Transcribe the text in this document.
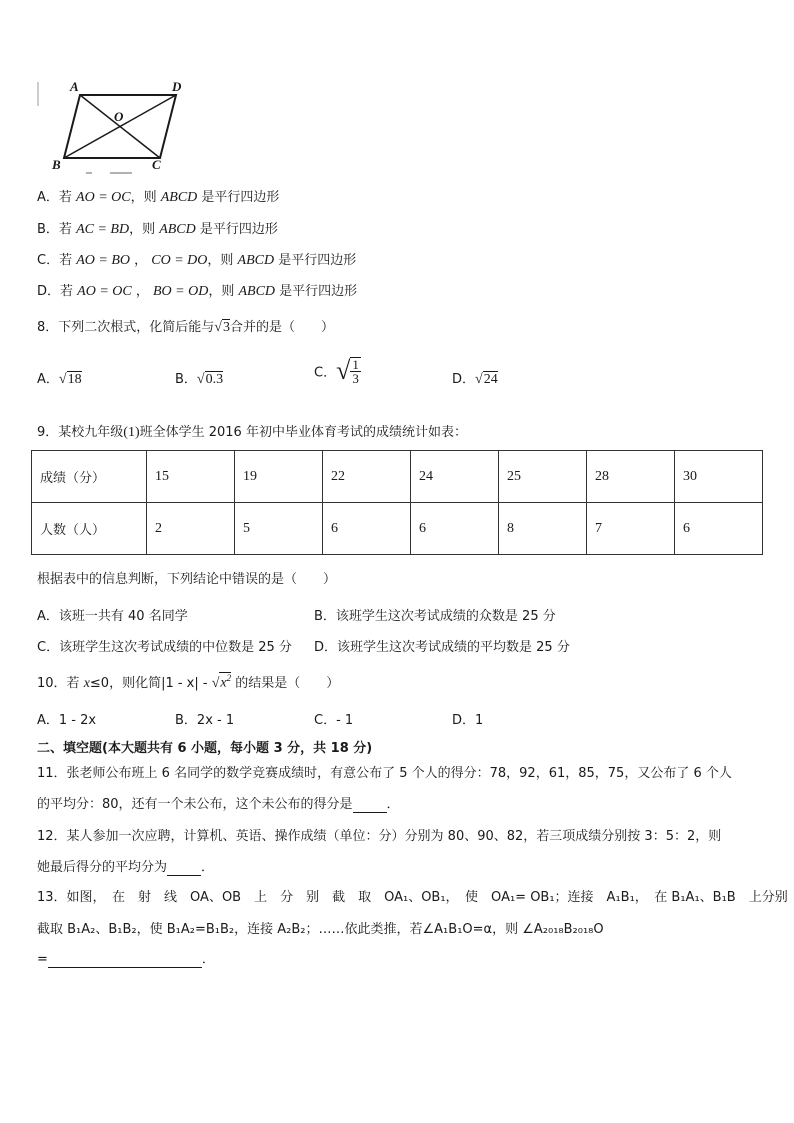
A	D
O
B	C
A．若 AO = OC，则 ABCD 是平行四边形
B．若 AC = BD，则 ABCD 是平行四边形
C．若 AO = BO ， CO = DO，则 ABCD 是平行四边形
D．若 AO = OC ， BO = OD，则 ABCD 是平行四边形
8．下列二次根式，化简后能与√3合并的是（　　）
A．√18	B．√0.3	C．√ $\frac{1}{3}$	D．√24
9．某校九年级(1)班全体学生 2016 年初中毕业体育考试的成绩统计如表：
成绩（分）	15	19	22	24	25	28	30
人数（人）	2	5	6	6	8	7	6
根据表中的信息判断，下列结论中错误的是（　　）
A．该班一共有 40 名同学	B．该班学生这次考试成绩的众数是 25 分
C．该班学生这次考试成绩的中位数是 25 分 D．该班学生这次考试成绩的平均数是 25 分
10．若 x≤0，则化简$|1 - x| - √x^2$ 的结果是（　　）
A．1 - 2x	B．2x - 1	C．- 1	D．1
二、填空题(本大题共有 6 小题，每小题 3 分，共 18 分)
11．张老师公布班上 6 名同学的数学竞赛成绩时，有意公布了 5 个人的得分：78，92，61，85，75，又公布了 6 个人
的平均分：80，还有一个未公布，这个未公布的得分是	．
12．某人参加一次应聘，计算机、英语、操作成绩（单位：分）分别为 80、90、82，若三项成绩分别按 3：5：2，则
她最后得分的平均分为	．
13．如图，　在　射　线　OA、OB　上　分　别　截　取　OA₁、OB₁，　使　OA₁= OB₁；连接　A₁B₁，　在 B₁A₁、B₁B　上分别
截取 B₁A₂、B₁B₂，使 B₁A₂=B₁B₂，连接 A₂B₂；……依此类推，若∠A₁B₁O=α，则 ∠A₂₀₁₈B₂₀₁₈O
=	．
